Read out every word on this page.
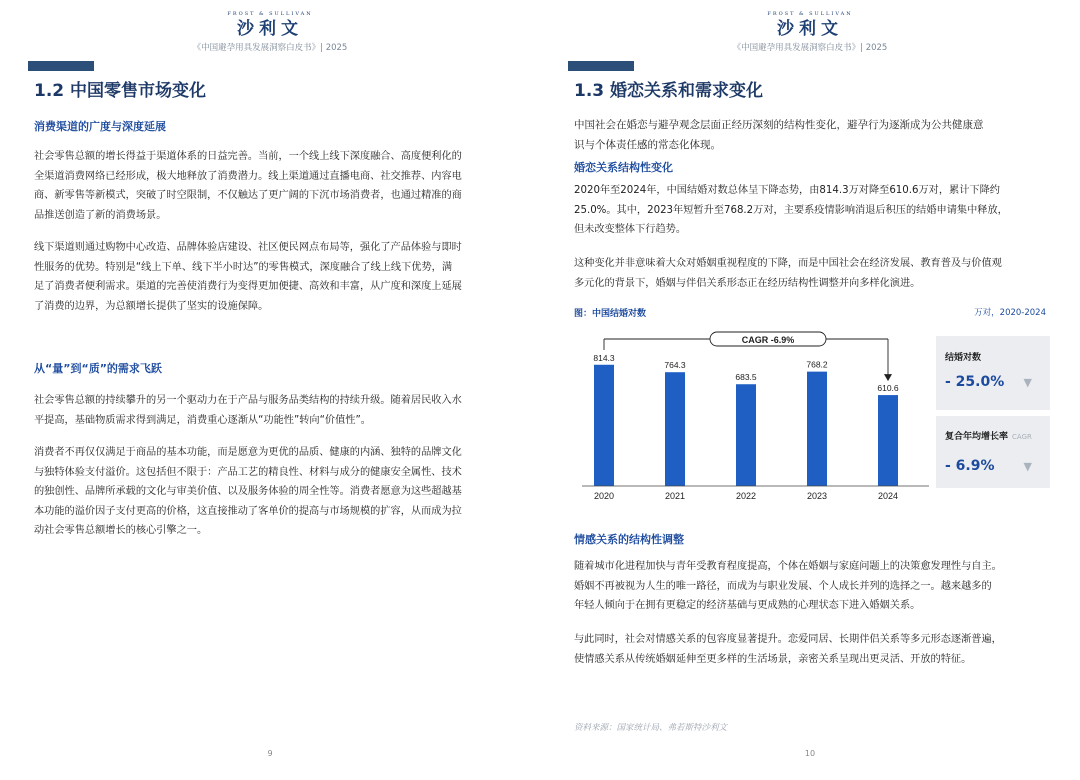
FROST & SULLIVAN
沙利文
《中国避孕用具发展洞察白皮书》| 2025
1.2 中国零售市场变化
消费渠道的广度与深度延展
社会零售总额的增长得益于渠道体系的日益完善。当前，一个线上线下深度融合、高度便利化的
全渠道消费网络已经形成，极大地释放了消费潜力。线上渠道通过直播电商、社交推荐、内容电
商、新零售等新模式，突破了时空限制，不仅触达了更广阔的下沉市场消费者，也通过精准的商
品推送创造了新的消费场景。
线下渠道则通过购物中心改造、品牌体验店建设、社区便民网点布局等，强化了产品体验与即时
性服务的优势。特别是“线上下单、线下半小时达”的零售模式，深度融合了线上线下优势，满
足了消费者便利需求。渠道的完善使消费行为变得更加便捷、高效和丰富，从广度和深度上延展
了消费的边界，为总额增长提供了坚实的设施保障。
从“量”到“质”的需求飞跃
社会零售总额的持续攀升的另一个驱动力在于产品与服务品类结构的持续升级。随着居民收入水
平提高，基础物质需求得到满足，消费重心逐渐从“功能性”转向“价值性”。
消费者不再仅仅满足于商品的基本功能，而是愿意为更优的品质、健康的内涵、独特的品牌文化
与独特体验支付溢价。这包括但不限于：产品工艺的精良性、材料与成分的健康安全属性、技术
的独创性、品牌所承载的文化与审美价值、以及服务体验的周全性等。消费者愿意为这些超越基
本功能的溢价因子支付更高的价格，这直接推动了客单价的提高与市场规模的扩容，从而成为拉
动社会零售总额增长的核心引擎之一。
9
FROST & SULLIVAN
沙利文
《中国避孕用具发展洞察白皮书》| 2025
1.3 婚恋关系和需求变化
中国社会在婚恋与避孕观念层面正经历深刻的结构性变化，避孕行为逐渐成为公共健康意
识与个体责任感的常态化体现。
婚恋关系结构性变化
2020年至2024年，中国结婚对数总体呈下降态势，由814.3万对降至610.6万对，累计下降约
25.0%。其中，2023年短暂升至768.2万对，主要系疫情影响消退后积压的结婚申请集中释放，
但未改变整体下行趋势。
这种变化并非意味着大众对婚姻重视程度的下降，而是中国社会在经济发展、教育普及与价值观
多元化的背景下，婚姻与伴侣关系形态正在经历结构性调整并向多样化演进。
图：中国结婚对数	万对，2020-2024
814.3
2020
764.3
2021
683.5
2022
768.2
2023
610.6
2024
CAGR -6.9%
结婚对数
- 25.0% ▼
复合年均增长率 CAGR
- 6.9%	▼
情感关系的结构性调整
随着城市化进程加快与青年受教育程度提高，个体在婚姻与家庭问题上的决策愈发理性与自主。
婚姻不再被视为人生的唯一路径，而成为与职业发展、个人成长并列的选择之一。越来越多的
年轻人倾向于在拥有更稳定的经济基础与更成熟的心理状态下进入婚姻关系。
与此同时，社会对情感关系的包容度显著提升。恋爱同居、长期伴侣关系等多元形态逐渐普遍，
使情感关系从传统婚姻延伸至更多样的生活场景，亲密关系呈现出更灵活、开放的特征。
资料来源：国家统计局、弗若斯特沙利文
10
